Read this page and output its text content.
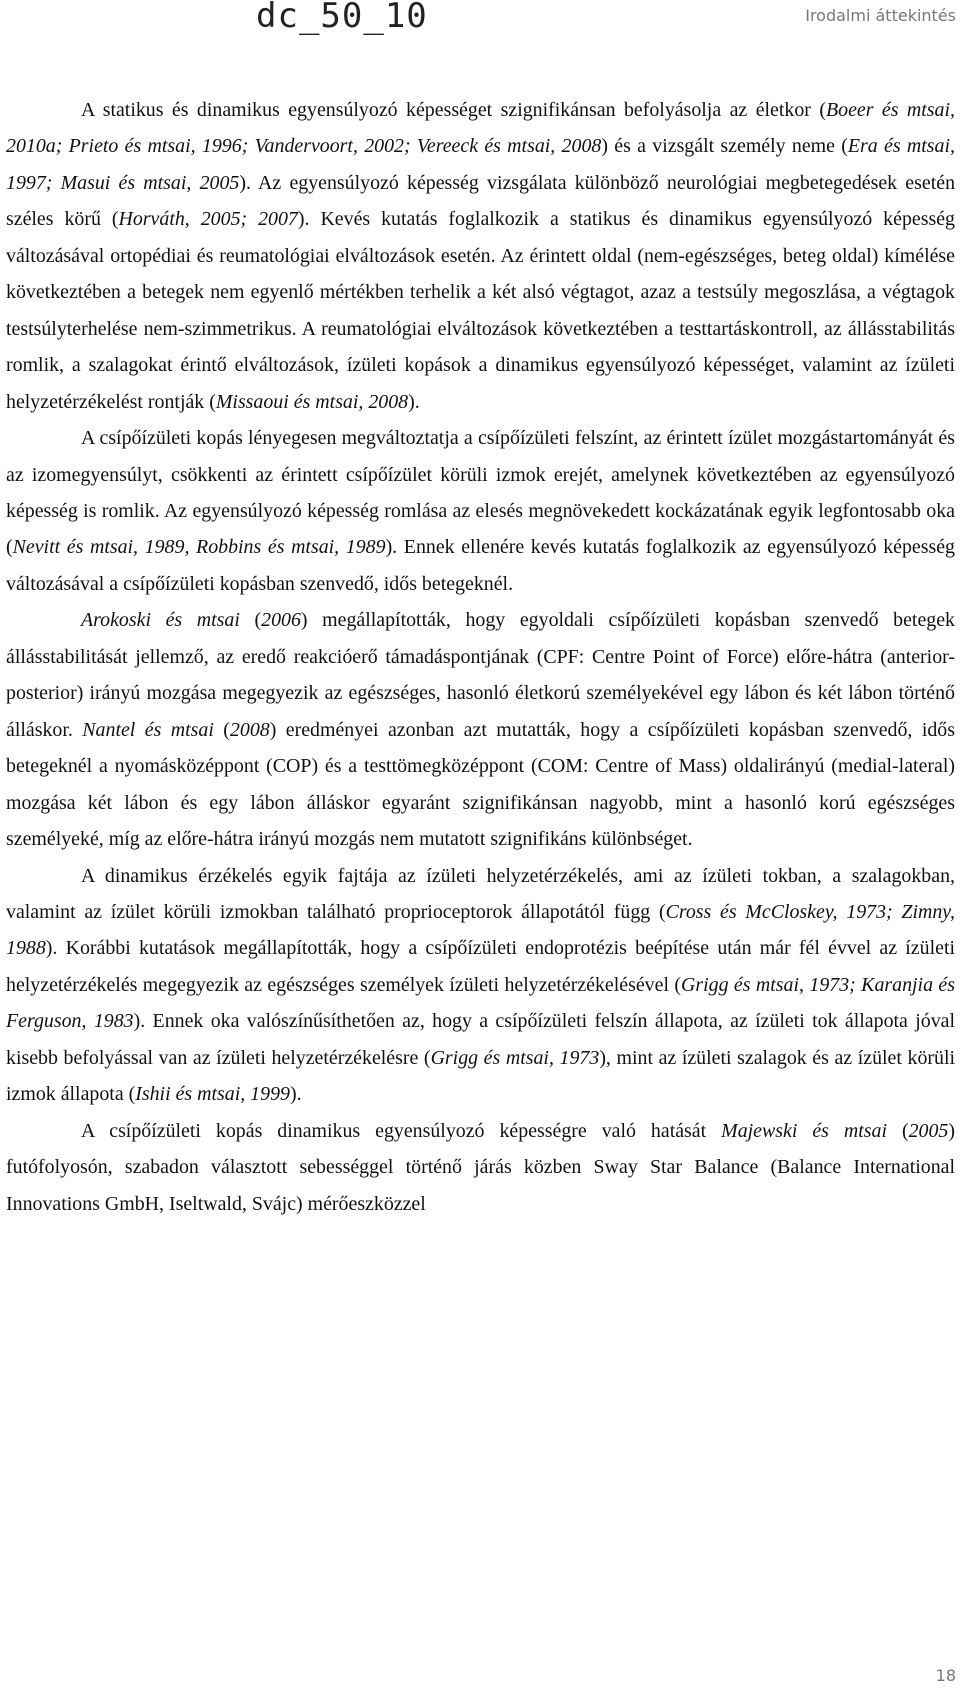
dc_50_10	Irodalmi áttekintés

A statikus és dinamikus egyensúlyozó képességet szignifikánsan befolyásolja az életkor (Boeer és mtsai, 2010a; Prieto és mtsai, 1996; Vandervoort, 2002; Vereeck és mtsai, 2008) és a vizsgált személy neme (Era és mtsai, 1997; Masui és mtsai, 2005). Az egyensúlyozó képesség vizsgálata különböző neurológiai megbetegedések esetén széles körű (Horváth, 2005; 2007). Kevés kutatás foglalkozik a statikus és dinamikus egyensúlyozó képesség változásával ortopédiai és reumatológiai elváltozások esetén. Az érintett oldal (nem-egészséges, beteg oldal) kímélése következtében a betegek nem egyenlő mértékben terhelik a két alsó végtagot, azaz a testsúly megoszlása, a végtagok testsúlyterhelése nem-szimmetrikus. A reumatológiai elváltozások következtében a testtartáskontroll, az állásstabilitás romlik, a szalagokat érintő elváltozások, ízületi kopások a dinamikus egyensúlyozó képességet, valamint az ízületi helyzetérzékelést rontják (Missaoui és mtsai, 2008).

A csípőízületi kopás lényegesen megváltoztatja a csípőízületi felszínt, az érintett ízület mozgástartományát és az izomegyensúlyt, csökkenti az érintett csípőízület körüli izmok erejét, amelynek következtében az egyensúlyozó képesség is romlik. Az egyensúlyozó képesség romlása az elesés megnövekedett kockázatának egyik legfontosabb oka (Nevitt és mtsai, 1989, Robbins és mtsai, 1989). Ennek ellenére kevés kutatás foglalkozik az egyensúlyozó képesség változásával a csípőízületi kopásban szenvedő, idős betegeknél.

Arokoski és mtsai (2006) megállapították, hogy egyoldali csípőízületi kopásban szenvedő betegek állásstabilitását jellemző, az eredő reakcióerő támadáspontjának (CPF: Centre Point of Force) előre-hátra (anterior-posterior) irányú mozgása megegyezik az egészséges, hasonló életkorú személyekével egy lábon és két lábon történő álláskor. Nantel és mtsai (2008) eredményei azonban azt mutatták, hogy a csípőízületi kopásban szenvedő, idős betegeknél a nyomásközéppont (COP) és a testtömegközéppont (COM: Centre of Mass) oldalirányú (medial-lateral) mozgása két lábon és egy lábon álláskor egyaránt szignifikánsan nagyobb, mint a hasonló korú egészséges személyeké, míg az előre-hátra irányú mozgás nem mutatott szignifikáns különbséget.

A dinamikus érzékelés egyik fajtája az ízületi helyzetérzékelés, ami az ízületi tokban, a szalagokban, valamint az ízület körüli izmokban található proprioceptorok állapotától függ (Cross és McCloskey, 1973; Zimny, 1988). Korábbi kutatások megállapították, hogy a csípőízületi endoprotézis beépítése után már fél évvel az ízületi helyzetérzékelés megegyezik az egészséges személyek ízületi helyzetérzékelésével (Grigg és mtsai, 1973; Karanjia és Ferguson, 1983). Ennek oka valószínűsíthetően az, hogy a csípőízületi felszín állapota, az ízületi tok állapota jóval kisebb befolyással van az ízületi helyzetérzékelésre (Grigg és mtsai, 1973), mint az ízületi szalagok és az ízület körüli izmok állapota (Ishii és mtsai, 1999).

A csípőízületi kopás dinamikus egyensúlyozó képességre való hatását Majewski és mtsai (2005) futófolyosón, szabadon választott sebességgel történő járás közben Sway Star Balance (Balance International Innovations GmbH, Iseltwald, Svájc) mérőeszközzel

18
